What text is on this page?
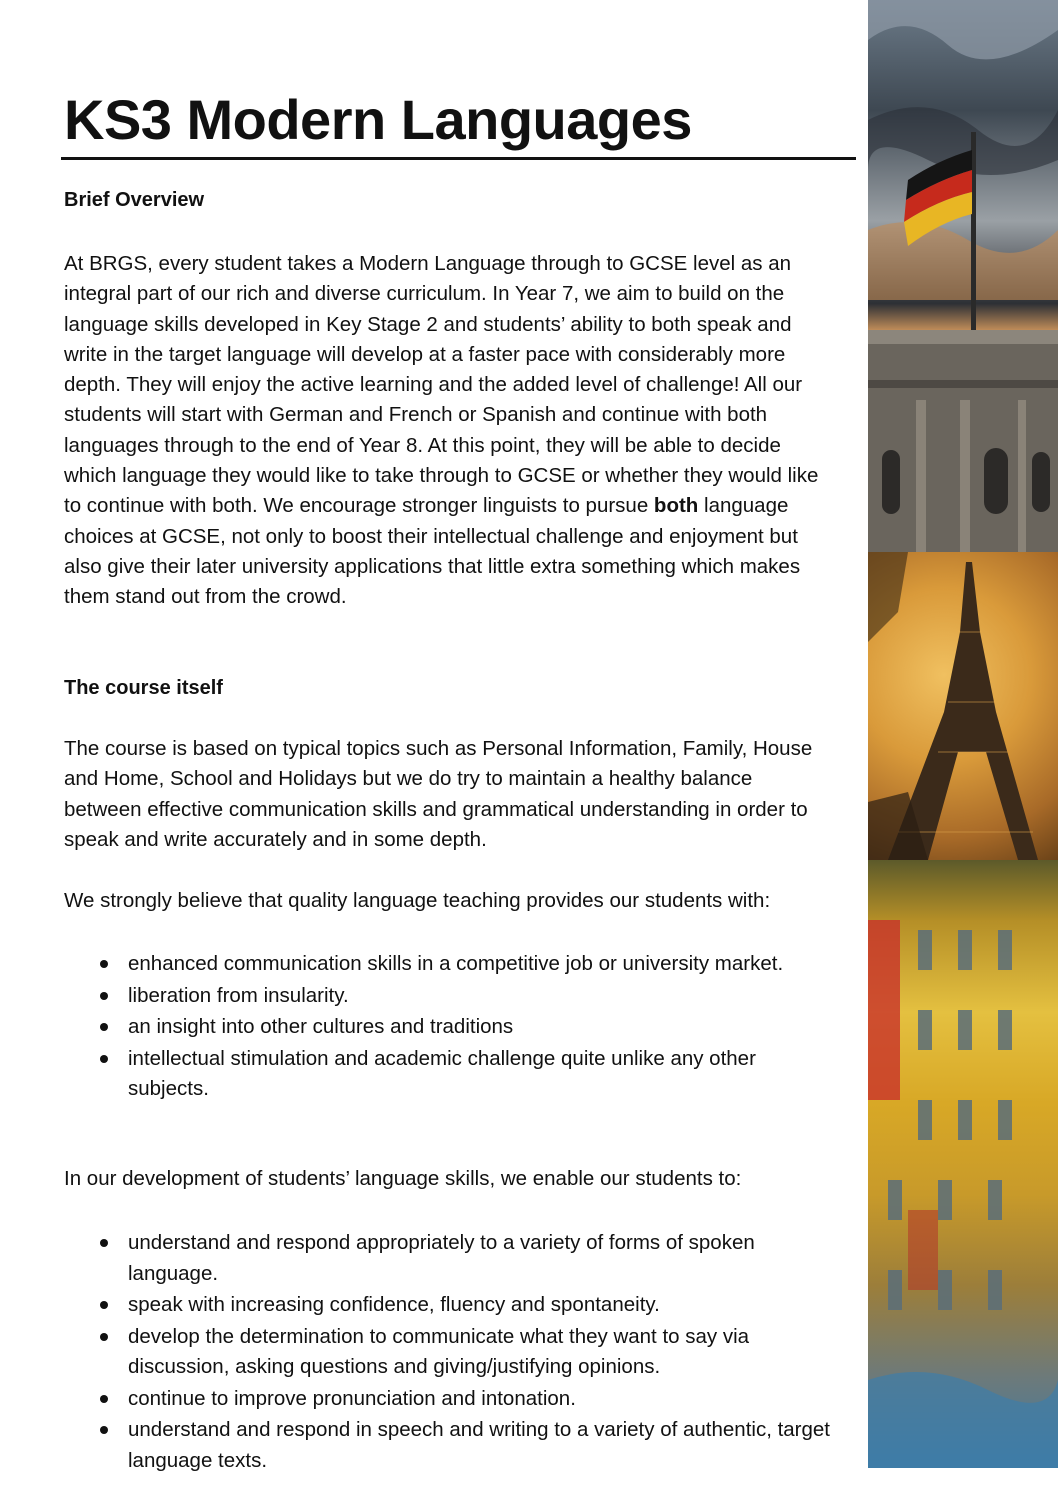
KS3 Modern Languages
Brief Overview

At BRGS, every student takes a Modern Language through to GCSE level as an integral part of our rich and diverse curriculum. In Year 7, we aim to build on the language skills developed in Key Stage 2 and students’ ability to both speak and write in the target language will develop at a faster pace with considerably more depth. They will enjoy the active learning and the added level of challenge! All our students will start with German and French or Spanish and continue with both languages through to the end of Year 8. At this point, they will be able to decide which language they would like to take through to GCSE or whether they would like to continue with both. We encourage stronger linguists to pursue both language choices at GCSE, not only to boost their intellectual challenge and enjoyment but also give their later university applications that little extra something which makes them stand out from the crowd.

The course itself

The course is based on typical topics such as Personal Information, Family, House and Home, School and Holidays but we do try to maintain a healthy balance between effective communication skills and grammatical understanding in order to speak and write accurately and in some depth.

We strongly believe that quality language teaching provides our students with:

enhanced communication skills in a competitive job or university market.
liberation from insularity.
an insight into other cultures and traditions
intellectual stimulation and academic challenge quite unlike any other subjects.

In our development of students’ language skills, we enable our students to:

understand and respond appropriately to a variety of forms of spoken language.
speak with increasing confidence, fluency and spontaneity.
develop the determination to communicate what they want to say via discussion, asking questions and giving/justifying opinions.
continue to improve pronunciation and intonation.
understand and respond in speech and writing to a variety of authentic, target language texts.
